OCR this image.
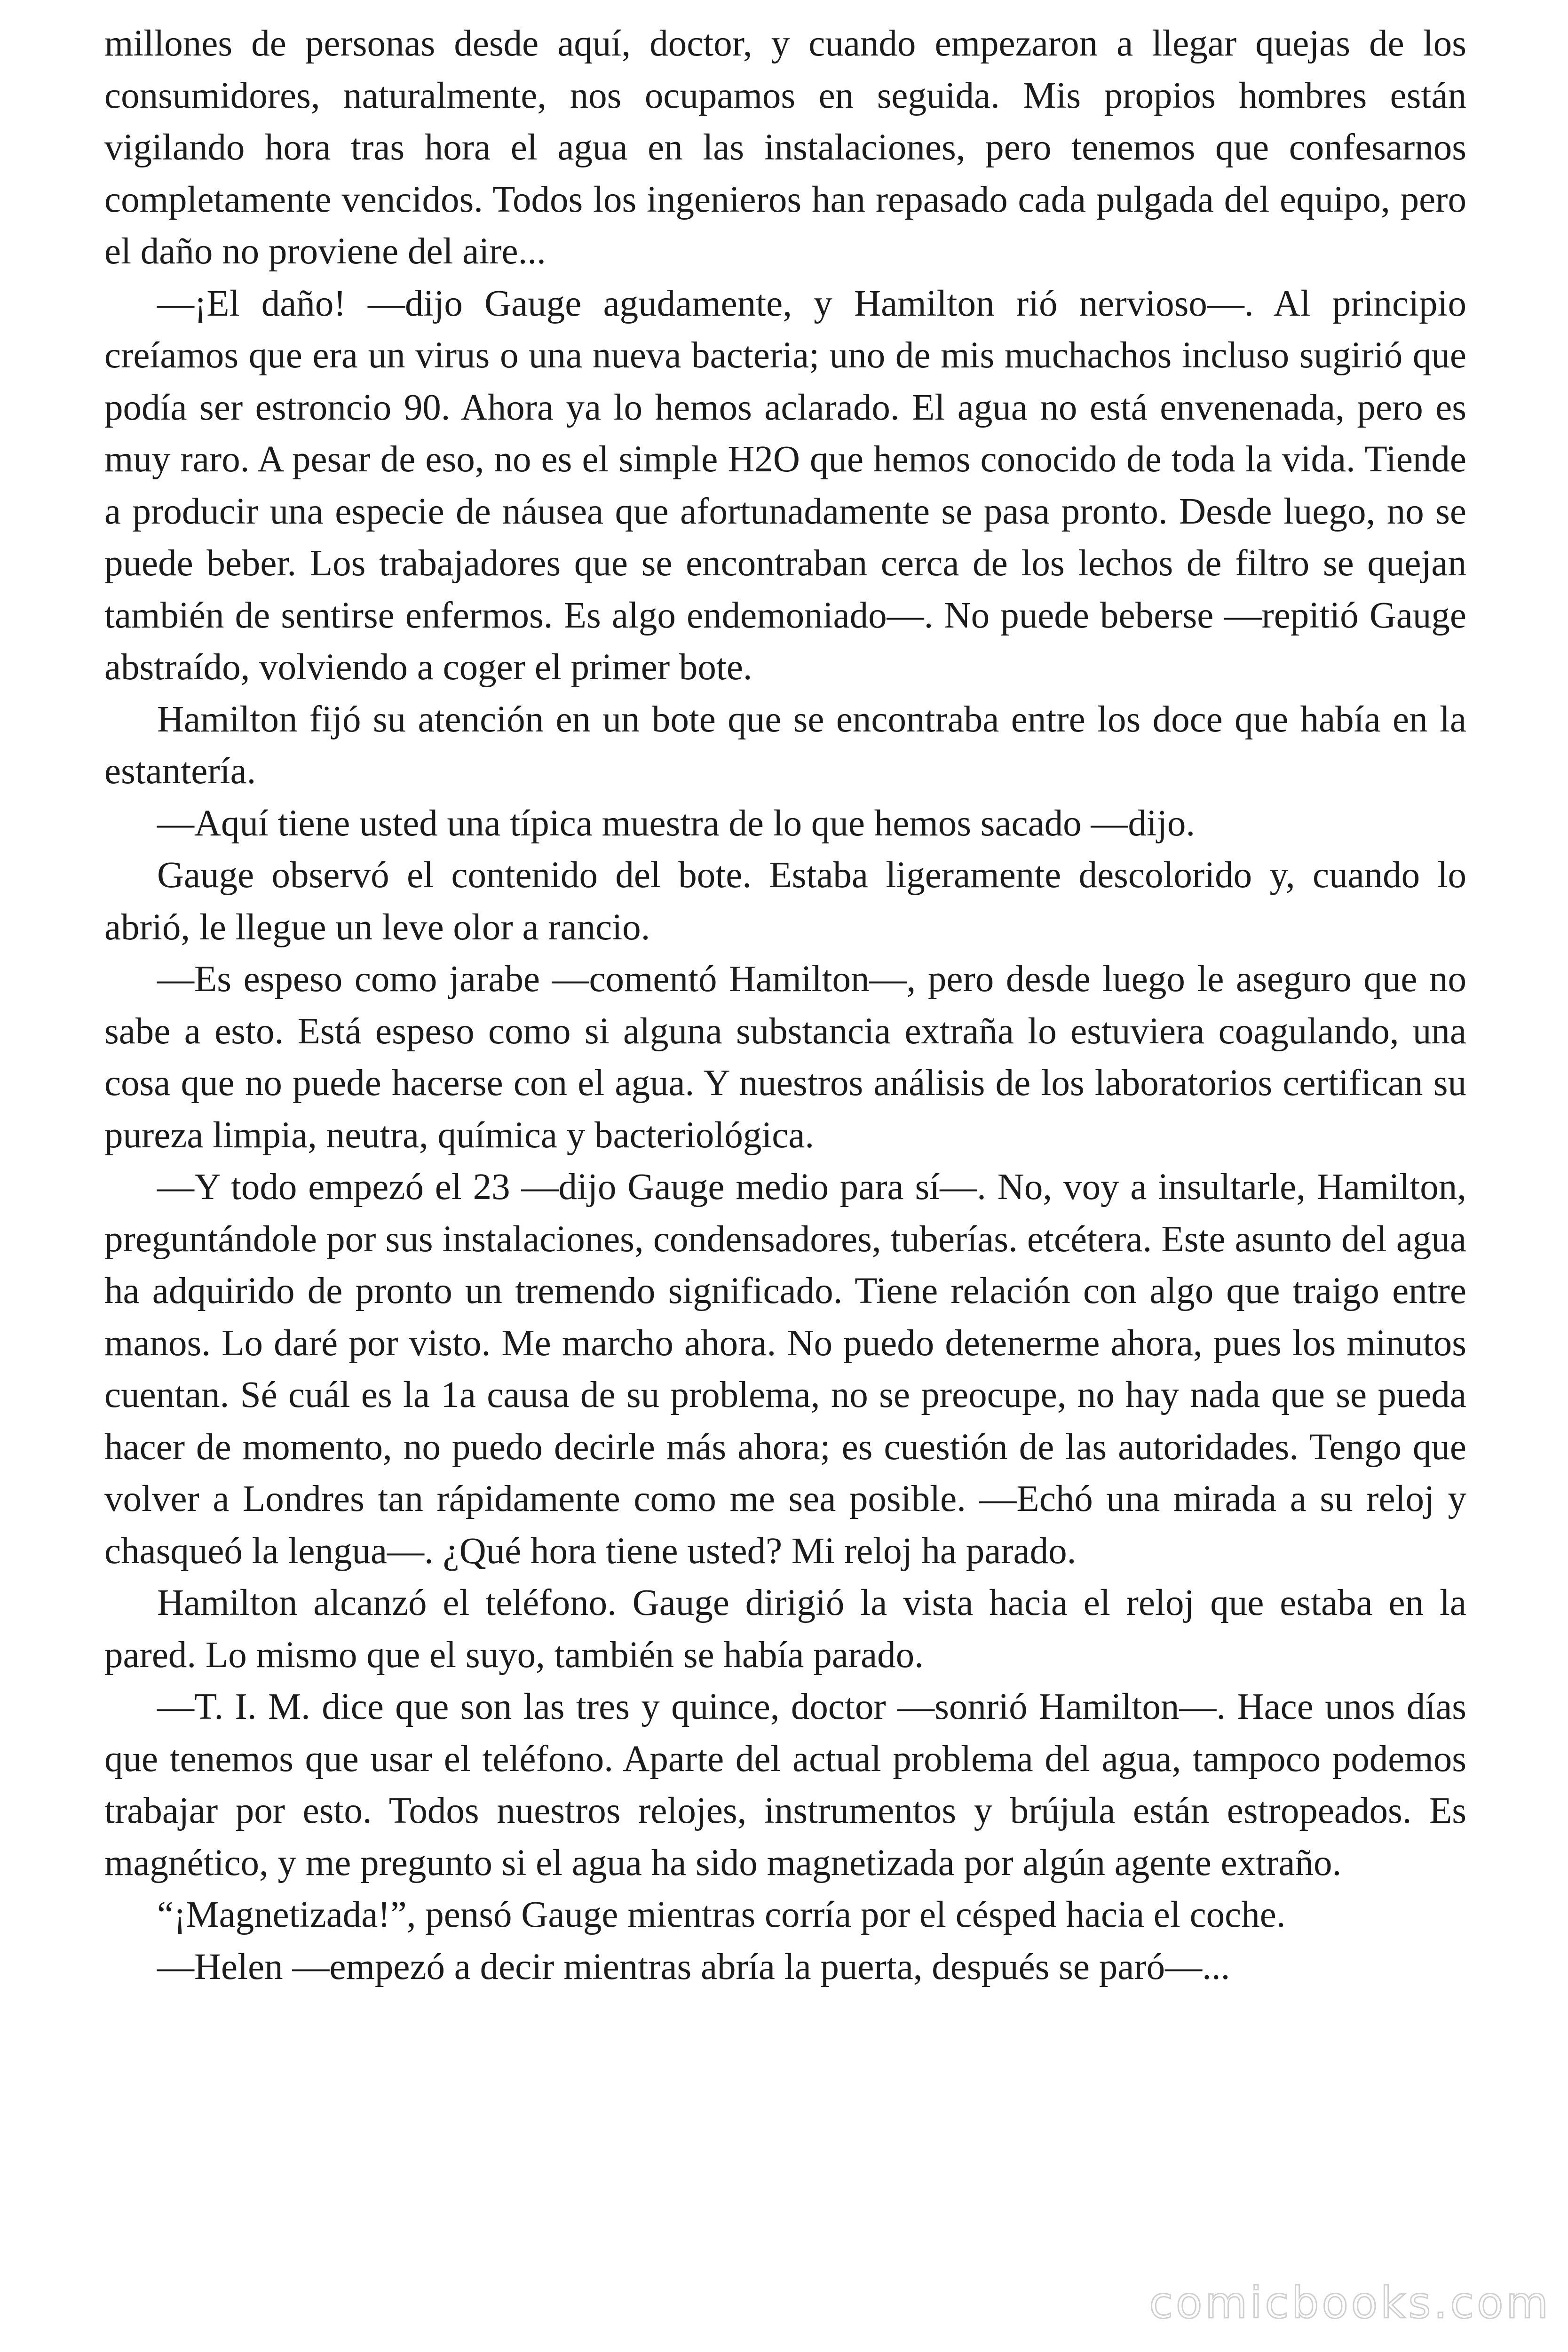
millones de personas desde aquí, doctor, y cuando empezaron a llegar quejas de los consumidores, naturalmente, nos ocupamos en seguida. Mis propios hombres están vigilando hora tras hora el agua en las instalaciones, pero tenemos que confesarnos completamente vencidos. Todos los ingenieros han repasado cada pulgada del equipo, pero el daño no proviene del aire...

—¡El daño! —dijo Gauge agudamente, y Hamilton rió nervioso—. Al principio creíamos que era un virus o una nueva bacteria; uno de mis muchachos incluso sugirió que podía ser estroncio 90. Ahora ya lo hemos aclarado. El agua no está envenenada, pero es muy raro. A pesar de eso, no es el simple H2O que hemos conocido de toda la vida. Tiende a producir una especie de náusea que afortunadamente se pasa pronto. Desde luego, no se puede beber. Los trabajadores que se encontraban cerca de los lechos de filtro se quejan también de sentirse enfermos. Es algo endemoniado—. No puede beberse —repitió Gauge abstraído, volviendo a coger el primer bote.

Hamilton fijó su atención en un bote que se encontraba entre los doce que había en la estantería.

—Aquí tiene usted una típica muestra de lo que hemos sacado —dijo.

Gauge observó el contenido del bote. Estaba ligeramente descolorido y, cuando lo abrió, le llegue un leve olor a rancio.

—Es espeso como jarabe —comentó Hamilton—, pero desde luego le aseguro que no sabe a esto. Está espeso como si alguna substancia extraña lo estuviera coagulando, una cosa que no puede hacerse con el agua. Y nuestros análisis de los laboratorios certifican su pureza limpia, neutra, química y bacteriológica.

—Y todo empezó el 23 —dijo Gauge medio para sí—. No, voy a insultarle, Hamilton, preguntándole por sus instalaciones, condensadores, tuberías. etcétera. Este asunto del agua ha adquirido de pronto un tremendo significado. Tiene relación con algo que traigo entre manos. Lo daré por visto. Me marcho ahora. No puedo detenerme ahora, pues los minutos cuentan. Sé cuál es la 1a causa de su problema, no se preocupe, no hay nada que se pueda hacer de momento, no puedo decirle más ahora; es cuestión de las autoridades. Tengo que volver a Londres tan rápidamente como me sea posible. —Echó una mirada a su reloj y chasqueó la lengua—. ¿Qué hora tiene usted? Mi reloj ha parado.

Hamilton alcanzó el teléfono. Gauge dirigió la vista hacia el reloj que estaba en la pared. Lo mismo que el suyo, también se había parado.

—T. I. M. dice que son las tres y quince, doctor —sonrió Hamilton—. Hace unos días que tenemos que usar el teléfono. Aparte del actual problema del agua, tampoco podemos trabajar por esto. Todos nuestros relojes, instrumentos y brújula están estropeados. Es magnético, y me pregunto si el agua ha sido magnetizada por algún agente extraño.

“¡Magnetizada!”, pensó Gauge mientras corría por el césped hacia el coche.

—Helen —empezó a decir mientras abría la puerta, después se paró—...

comicbooks.com
